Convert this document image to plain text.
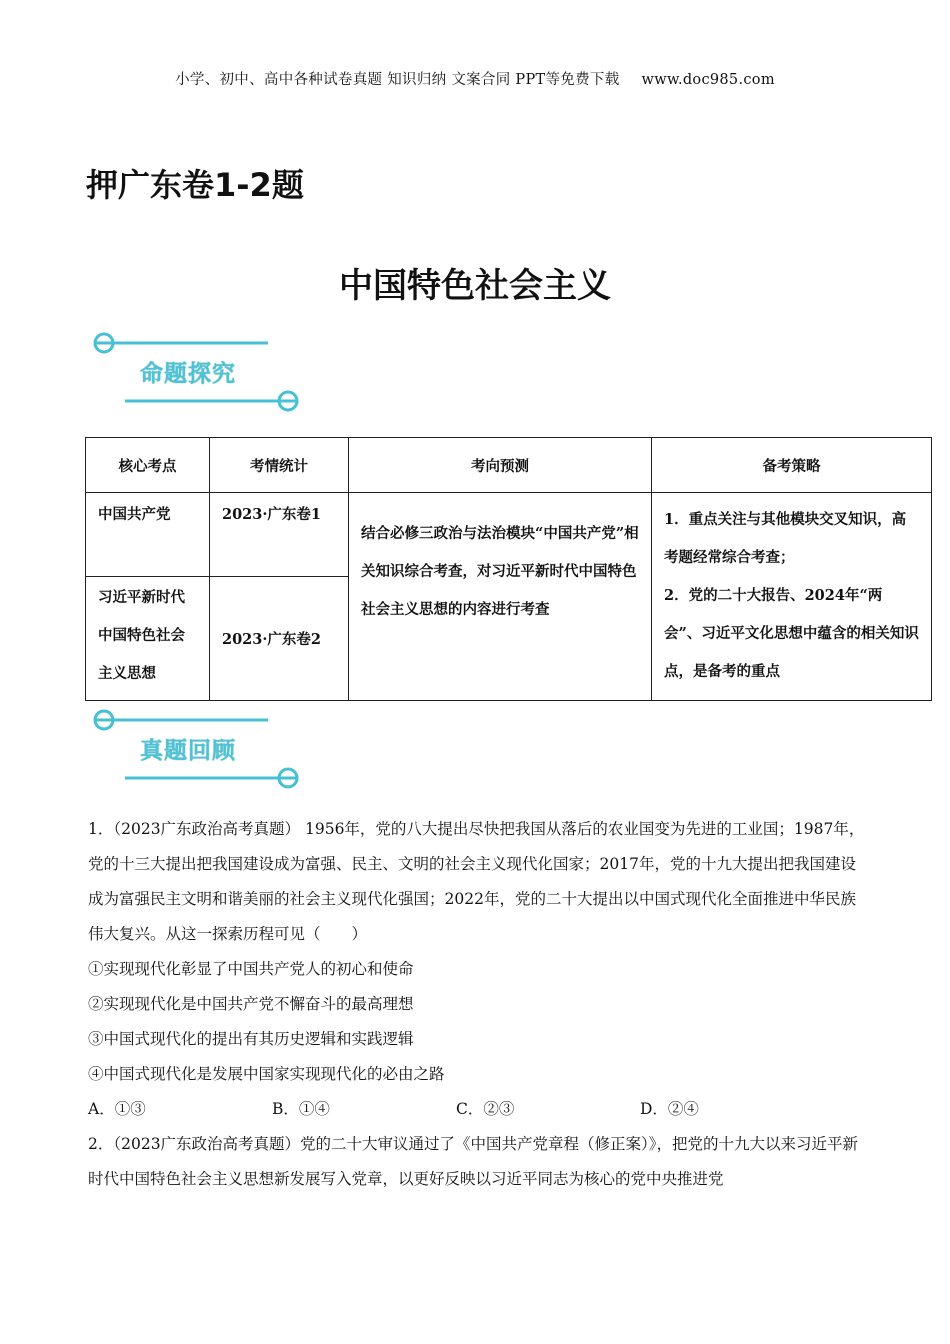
小学、初中、高中各种试卷真题 知识归纳 文案合同 PPT等免费下载 www.doc985.com
押广东卷1-2题
中国特色社会主义
命题探究
核心考点	考情统计	考向预测	备考策略
中国共产党	2023·广东卷1	结合必修三政治与法治模块“中国共产党”相关知识综合考查，对习近平新时代中国特色社会主义思想的内容进行考查	1．重点关注与其他模块交叉知识，高考题经常综合考查；
2．党的二十大报告、2024年“两会”、习近平文化思想中蕴含的相关知识点，是备考的重点

习近平新时代中国特色社会主义思想	2023·广东卷2		
真题回顾

1．（2023广东政治高考真题） 1956年，党的八大提出尽快把我国从落后的农业国变为先进的工业国；1987年，党的十三大提出把我国建设成为富强、民主、文明的社会主义现代化国家；2017年，党的十九大提出把我国建设成为富强民主文明和谐美丽的社会主义现代化强国；2022年，党的二十大提出以中国式现代化全面推进中华民族伟大复兴。从这一探索历程可见（　　）

①实现现代化彰显了中国共产党人的初心和使命

②实现现代化是中国共产党不懈奋斗的最高理想

③中国式现代化的提出有其历史逻辑和实践逻辑

④中国式现代化是发展中国家实现现代化的必由之路

A．①③	B．①④	C．②③	D．②④

2．（2023广东政治高考真题）党的二十大审议通过了《中国共产党章程（修正案）》，把党的十九大以来习近平新时代中国特色社会主义思想新发展写入党章，以更好反映以习近平同志为核心的党中央推进党
